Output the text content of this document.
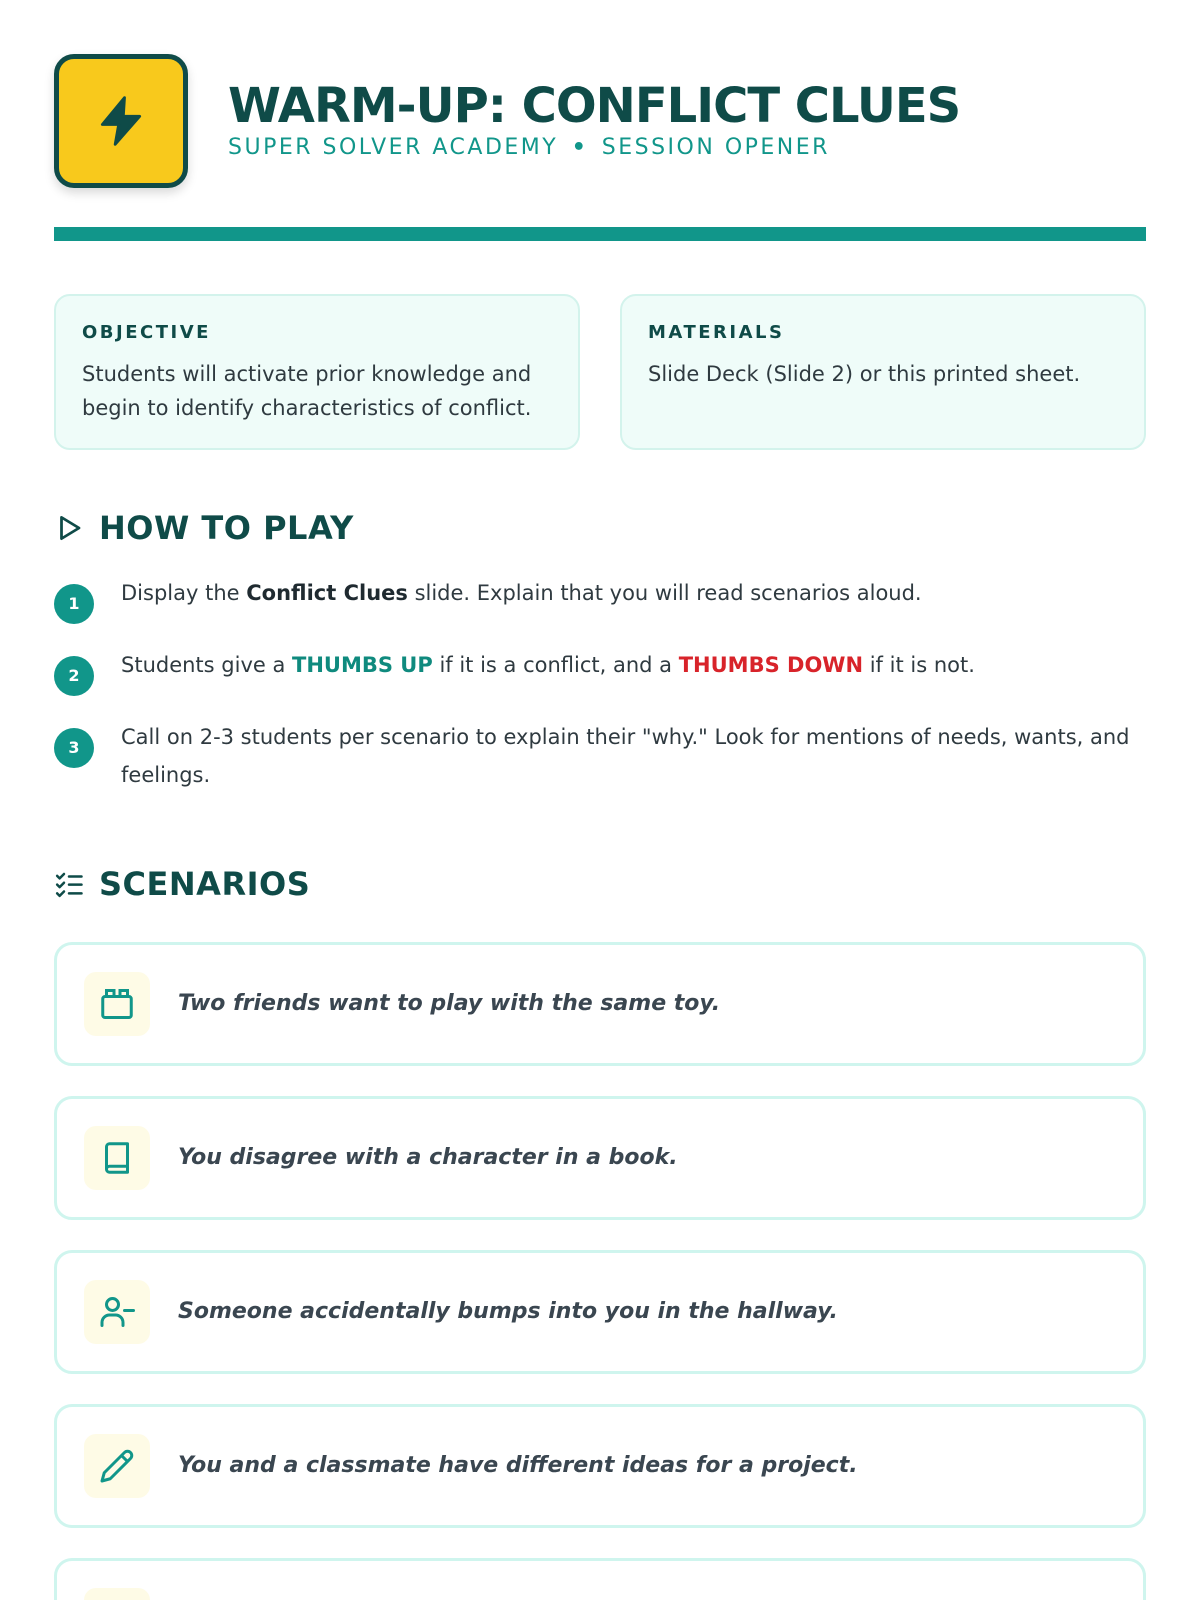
WARM-UP: CONFLICT CLUES
SUPER SOLVER ACADEMY • SESSION OPENER
OBJECTIVE
Students will activate prior knowledge and begin to identify characteristics of conflict.
MATERIALS
Slide Deck (Slide 2) or this printed sheet.
HOW TO PLAY
1	Display the Conflict Clues slide. Explain that you will read scenarios aloud.
2	Students give a THUMBS UP if it is a conflict, and a THUMBS DOWN if it is not.
3	Call on 2-3 students per scenario to explain their "why." Look for mentions of needs, wants, and feelings.
SCENARIOS
Two friends want to play with the same toy.
You disagree with a character in a book.
Someone accidentally bumps into you in the hallway.
You and a classmate have different ideas for a project.
